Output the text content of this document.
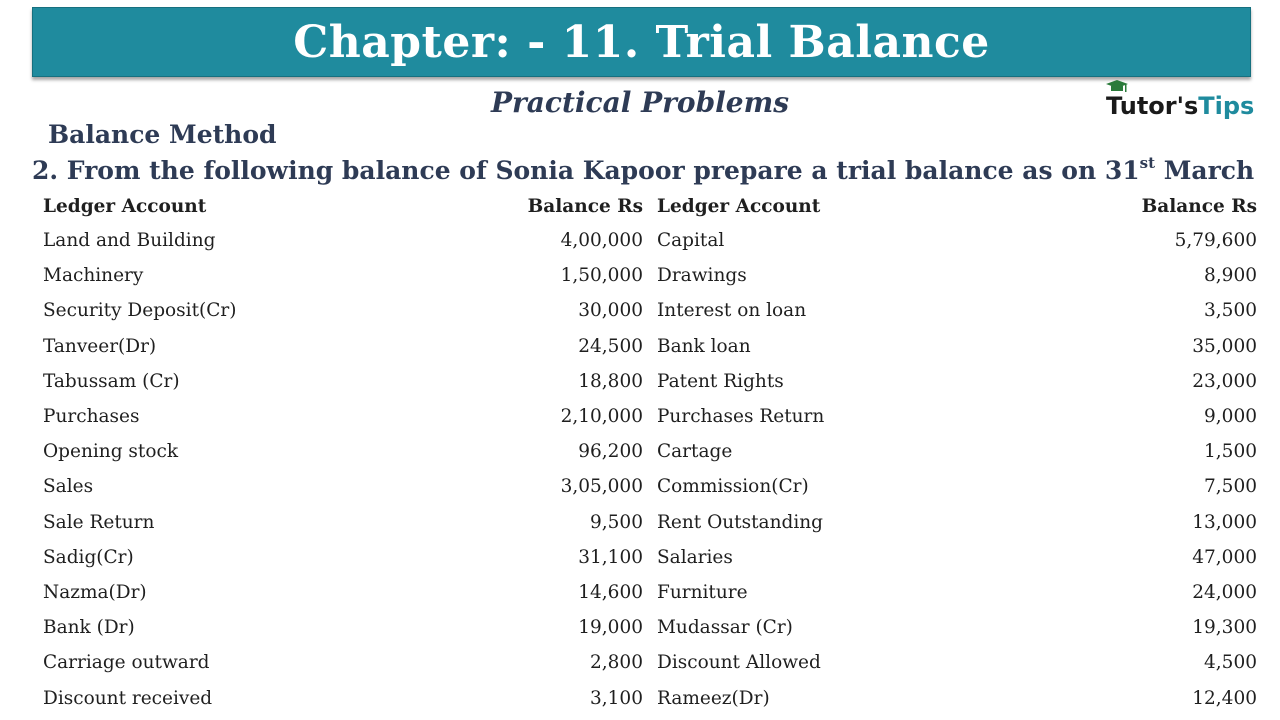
Chapter: - 11. Trial Balance
Practical Problems	Tutor's Tips
Balance Method
2. From the following balance of Sonia Kapoor prepare a trial balance as on 31st March
Ledger Account	Balance Rs	Ledger Account	Balance Rs
Land and Building	4,00,000	Capital	5,79,600
Machinery	1,50,000	Drawings	8,900
Security Deposit(Cr)	30,000	Interest on loan	3,500
Tanveer(Dr)	24,500	Bank loan	35,000
Tabussam (Cr)	18,800	Patent Rights	23,000
Purchases	2,10,000	Purchases Return	9,000
Opening stock	96,200	Cartage	1,500
Sales	3,05,000	Commission(Cr)	7,500
Sale Return	9,500	Rent Outstanding	13,000
Sadig(Cr)	31,100	Salaries	47,000
Nazma(Dr)	14,600	Furniture	24,000
Bank (Dr)	19,000	Mudassar (Cr)	19,300
Carriage outward	2,800	Discount Allowed	4,500
Discount received	3,100	Rameez(Dr)	12,400
